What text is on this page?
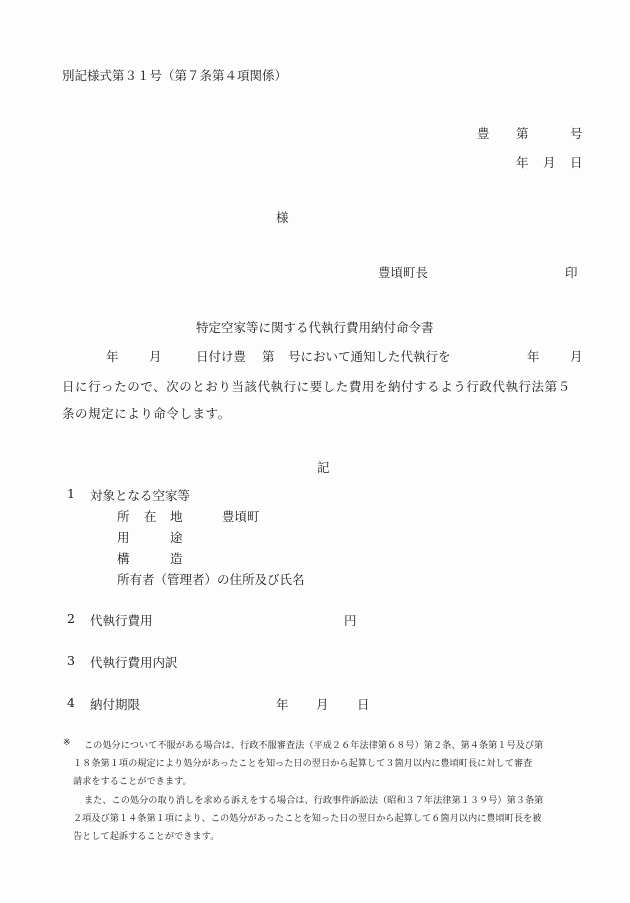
別記様式第３１号（第７条第４項関係）
豊 第	号
年 月 日
様
豊頃町長	印
特定空家等に関する代執行費用納付命令書
年 月	日付け豊 第 号において通知した代執行を	年 月
日に行ったので、次のとおり当該代執行に要した費用を納付するよう行政代執行法第５
条の規定により命令します。
記
1 対象となる空家等
所 在 地	豊頃町
用	途
構	造
所有者（管理者）の住所及び氏名
2 代執行費用	円
3 代執行費用内訳
4 納付期限	年 月 日
※ この処分について不服がある場合は、行政不服審査法（平成２６年法律第６８号）第２条、第４条第１号及び第
１８条第１項の規定により処分があったことを知った日の翌日から起算して３箇月以内に豊頃町長に対して審査
請求をすることができます。
また、この処分の取り消しを求める訴えをする場合は、行政事件訴訟法（昭和３７年法律第１３９号）第３条第
２項及び第１４条第１項により、この処分があったことを知った日の翌日から起算して６箇月以内に豊頃町長を被
告として起訴することができます。
